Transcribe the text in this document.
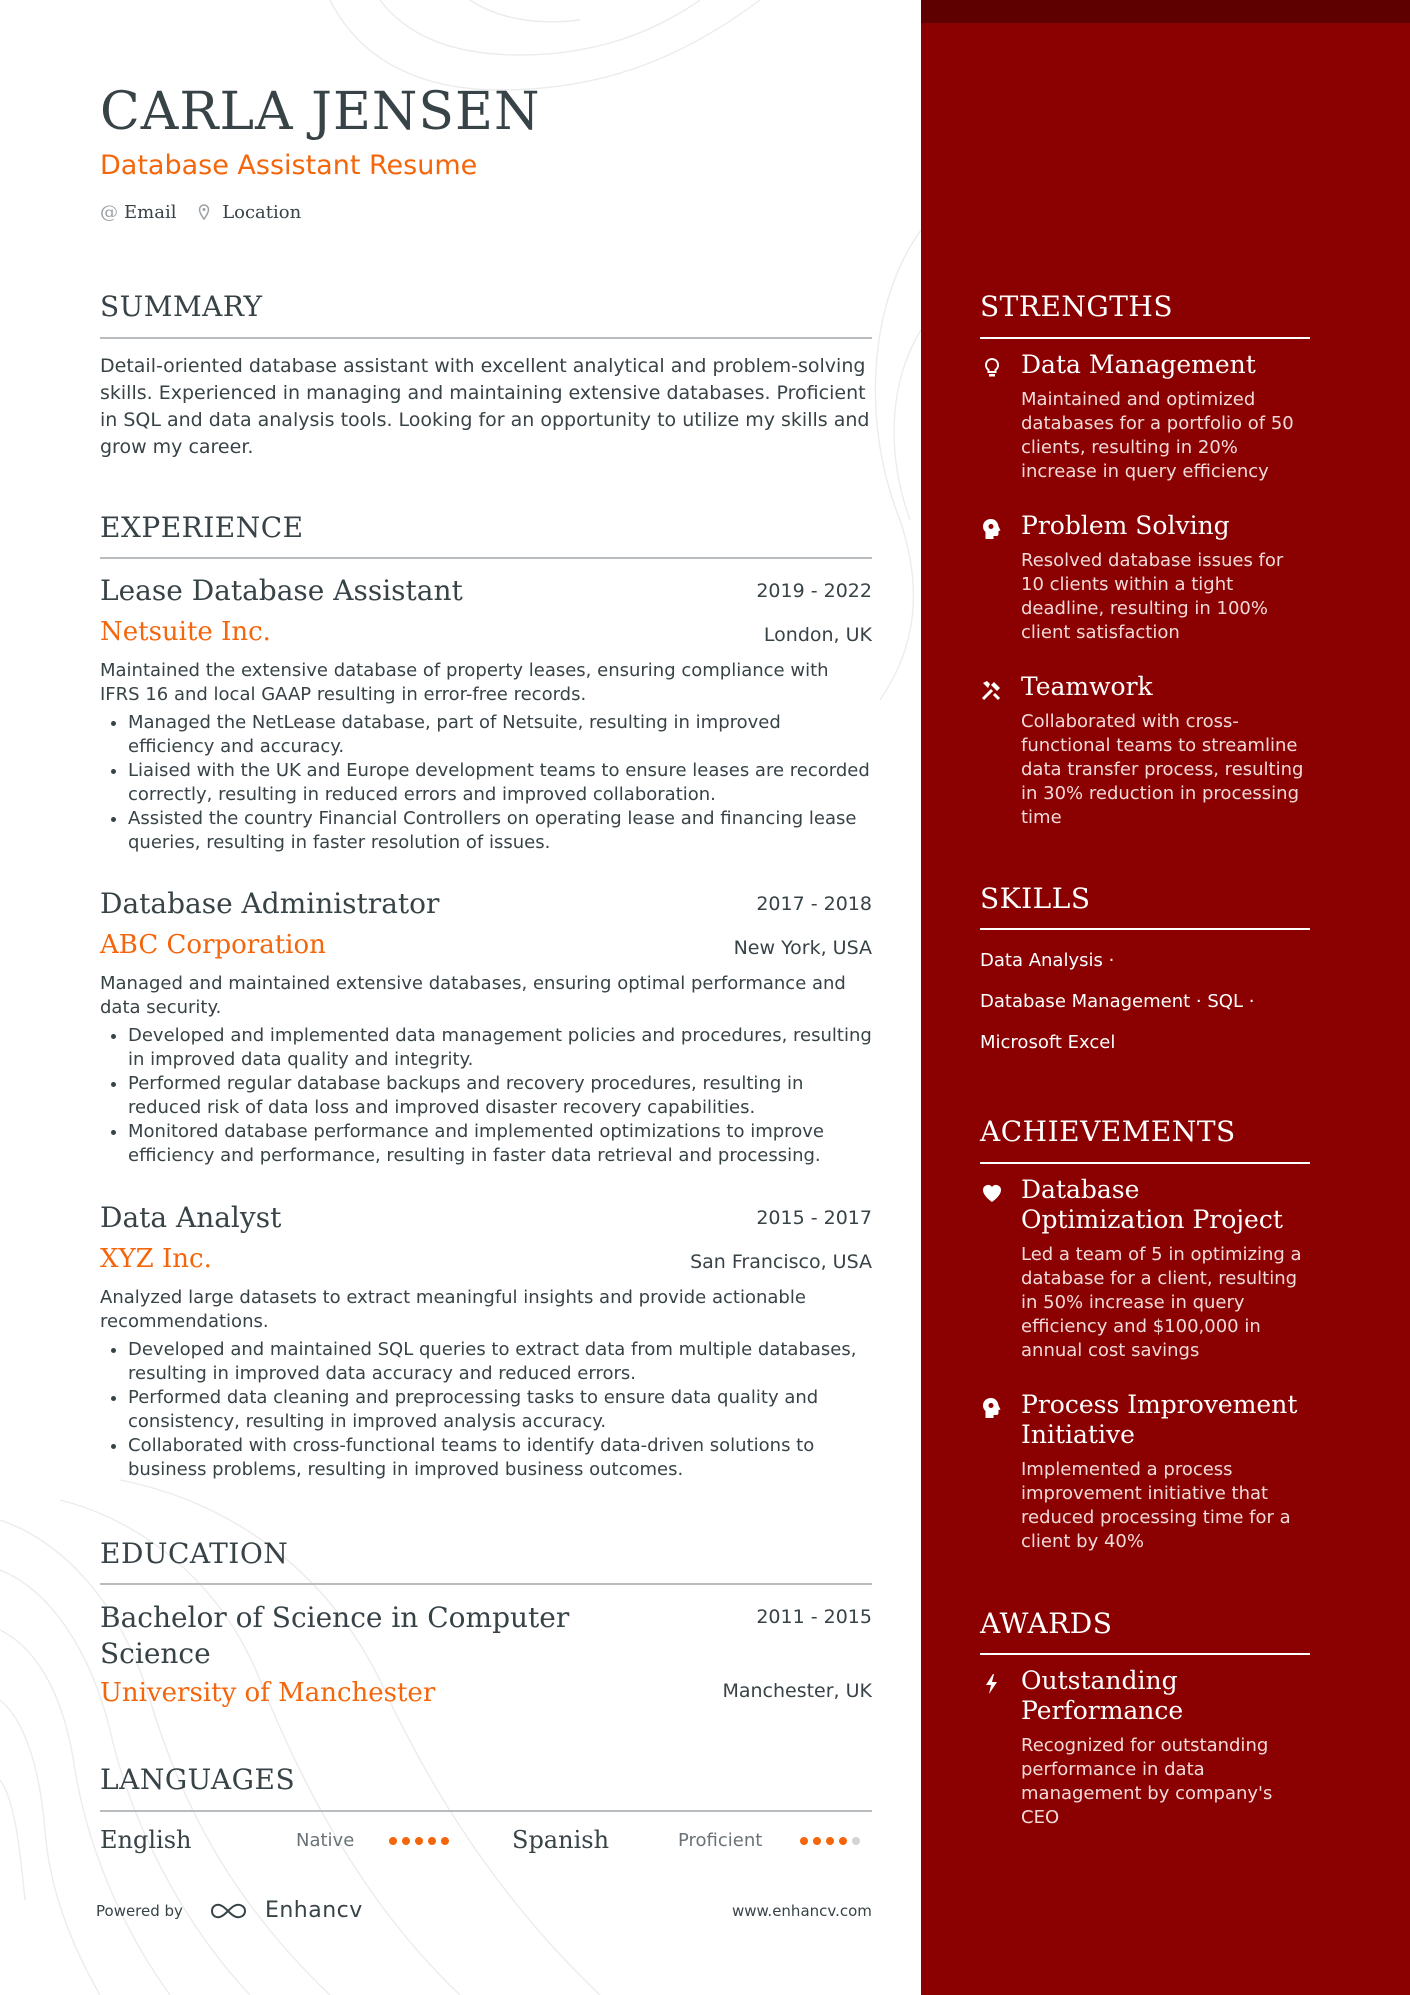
CARLA JENSEN
Database Assistant Resume
@ Email	Location
SUMMARY
Detail-oriented database assistant with excellent analytical and problem-solving skills. Experienced in managing and maintaining extensive databases. Proficient in SQL and data analysis tools. Looking for an opportunity to utilize my skills and grow my career.
EXPERIENCE
Lease Database Assistant	2019 - 2022
Netsuite Inc.	London, UK
Maintained the extensive database of property leases, ensuring compliance with IFRS 16 and local GAAP resulting in error-free records.
• Managed the NetLease database, part of Netsuite, resulting in improved efficiency and accuracy.
• Liaised with the UK and Europe development teams to ensure leases are recorded correctly, resulting in reduced errors and improved collaboration.
• Assisted the country Financial Controllers on operating lease and financing lease queries, resulting in faster resolution of issues.
Database Administrator	2017 - 2018
ABC Corporation	New York, USA
Managed and maintained extensive databases, ensuring optimal performance and data security.
• Developed and implemented data management policies and procedures, resulting in improved data quality and integrity.
• Performed regular database backups and recovery procedures, resulting in reduced risk of data loss and improved disaster recovery capabilities.
• Monitored database performance and implemented optimizations to improve efficiency and performance, resulting in faster data retrieval and processing.
Data Analyst	2015 - 2017
XYZ Inc.	San Francisco, USA
Analyzed large datasets to extract meaningful insights and provide actionable recommendations.
• Developed and maintained SQL queries to extract data from multiple databases, resulting in improved data accuracy and reduced errors.
• Performed data cleaning and preprocessing tasks to ensure data quality and consistency, resulting in improved analysis accuracy.
• Collaborated with cross-functional teams to identify data-driven solutions to business problems, resulting in improved business outcomes.
EDUCATION
Bachelor of Science in Computer Science
2011 - 2015
University of Manchester	Manchester, UK
LANGUAGES
English	Native	Spanish	Proficient
Powered by	Enhancv	www.enhancv.com
STRENGTHS
Data Management
Maintained and optimized databases for a portfolio of 50 clients, resulting in 20% increase in query efficiency
Problem Solving
Resolved database issues for 10 clients within a tight deadline, resulting in 100% client satisfaction
Teamwork
Collaborated with cross-functional teams to streamline data transfer process, resulting in 30% reduction in processing time
SKILLS
Data Analysis ·
Database Management · SQL ·
Microsoft Excel
ACHIEVEMENTS
Database Optimization Project
Led a team of 5 in optimizing a database for a client, resulting in 50% increase in query efficiency and $100,000 in annual cost savings
Process Improvement Initiative
Implemented a process improvement initiative that reduced processing time for a client by 40%
AWARDS
Outstanding Performance
Recognized for outstanding performance in data management by company's CEO
